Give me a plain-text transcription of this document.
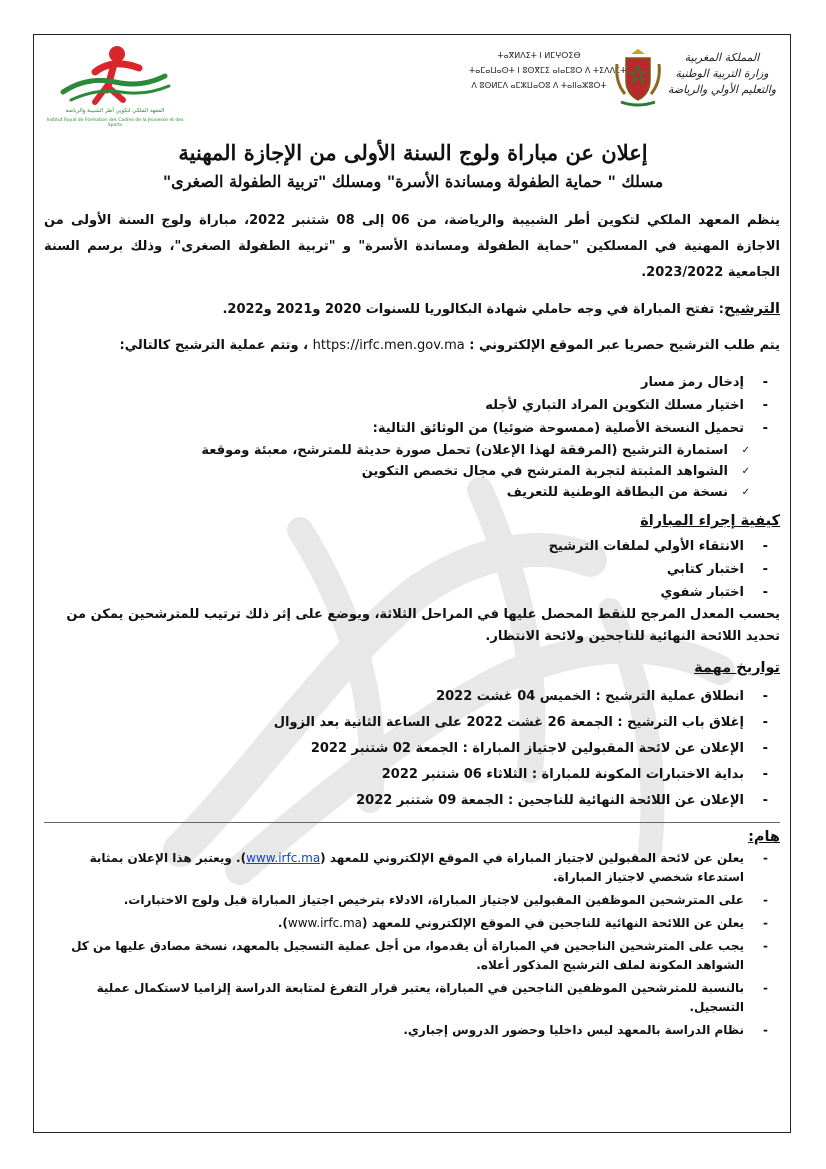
المعهد الملكي لتكوين أطر الشبيبة والرياضة
Institut Royal de Formation des Cadres de la Jeunesse et des Sports
ⵜⴰⴳⵍⴷⵉⵜ ⵏ ⵍⵎⵖⵔⵉⴱ
ⵜⴰⵎⴰⵡⴰⵙⵜ ⵏ ⵓⵙⴳⵎⵉ ⴰⵏⴰⵎⵓⵔ ⴷ ⵜⵉⴷⴷⵉⵜ
ⴷ ⵓⵙⵍⵎⴷ ⴰⵎⵣⵡⴰⵔⵓ ⴷ ⵜⴰⵏⵏⴰⵣⵓⵔⵜ
المملكة المغربية
وزارة التربية الوطنية
والتعليم الأولي والرياضة
إعلان عن مباراة ولوج السنة الأولى من الإجازة المهنية
مسلك " حماية الطفولة ومساندة الأسرة" ومسلك "تربية الطفولة الصغرى"

ينظم المعهد الملكي لتكوين أطر الشبيبة والرياضة، من 06 إلى 08 شتنبر 2022، مباراة ولوج السنة الأولى من الاجازة المهنية في المسلكين "حماية الطفولة ومساندة الأسرة" و "تربية الطفولة الصغرى"، وذلك برسم السنة الجامعية 2023/2022.

الترشيح: تفتح المباراة في وجه حاملي شهادة البكالوريا للسنوات 2020 و2021 و2022.

يتم طلب الترشيح حصريا عبر الموقع الإلكتروني : https://irfc.men.gov.ma ، وتتم عملية الترشيح كالتالي:

- إدخال رمز مسار
- اختيار مسلك التكوين المراد التباري لأجله
- تحميل النسخة الأصلية (ممسوحة ضوئيا) من الوثائق التالية:
✓
استمارة الترشيح (المرفقة لهذا الإعلان) تحمل صورة حديثة للمترشح، معبئة وموقعة
✓
الشواهد المثبتة لتجربة المترشح في مجال تخصص التكوين
✓
نسخة من البطاقة الوطنية للتعريف

كيفية إجراء المباراة

- الانتقاء الأولي لملفات الترشيح
- اختبار كتابي
- اختبار شفوي

يحسب المعدل المرجح للنقط المحصل عليها في المراحل الثلاثة، ويوضع على إثر ذلك ترتيب للمترشحين يمكن من تحديد اللائحة النهائية للناجحين ولائحة الانتظار.

تواريخ مهمة

- انطلاق عملية الترشيح : الخميس 04 غشت 2022
- إغلاق باب الترشيح : الجمعة 26 غشت 2022 على الساعة الثانية بعد الزوال
- الإعلان عن لائحة المقبولين لاجتياز المباراة : الجمعة 02 شتنبر 2022
- بداية الاختبارات المكونة للمباراة : الثلاثاء 06 شتنبر 2022
- الإعلان عن اللائحة النهائية للناجحين : الجمعة 09 شتنبر 2022

هام:

- يعلن عن لائحة المقبولين لاجتياز المباراة في الموقع الإلكتروني للمعهد (www.irfc.ma). ويعتبر هذا الإعلان بمثابة استدعاء شخصي لاجتياز المباراة.
- على المترشحين الموظفين المقبولين لاجتياز المباراة، الادلاء بترخيص اجتياز المباراة قبل ولوج الاختبارات.
- يعلن عن اللائحة النهائية للناجحين في الموقع الإلكتروني للمعهد (www.irfc.ma).
- يجب على المترشحين الناجحين في المباراة أن يقدموا، من أجل عملية التسجيل بالمعهد، نسخة مصادق عليها من كل الشواهد المكونة لملف الترشيح المذكور أعلاه.
- بالنسبة للمترشحين الموظفين الناجحين في المباراة، يعتبر قرار التفرغ لمتابعة الدراسة إلزاميا لاستكمال عملية التسجيل.
- نظام الدراسة بالمعهد ليس داخليا وحضور الدروس إجباري.
